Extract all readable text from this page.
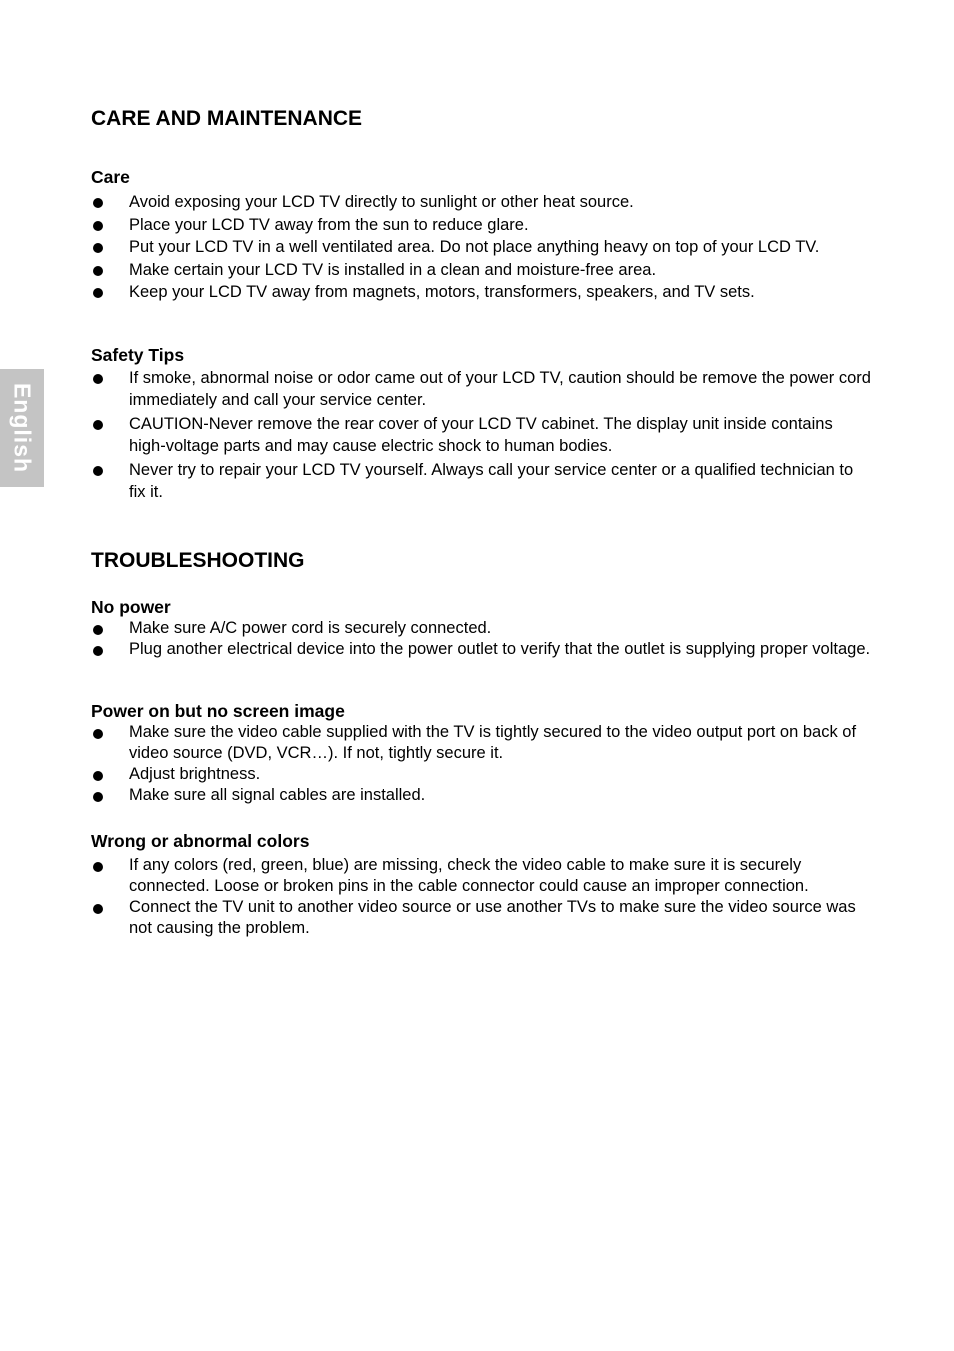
English
CARE AND MAINTENANCE
Care
Avoid exposing your LCD TV directly to sunlight or other heat source.
Place your LCD TV away from the sun to reduce glare.
Put your LCD TV in a well ventilated area. Do not place anything heavy on top of your LCD TV.
Make certain your LCD TV is installed in a clean and moisture-free area.
Keep your LCD TV away from magnets, motors, transformers, speakers, and TV sets.
Safety Tips
If smoke, abnormal noise or odor came out of your LCD TV, caution should be remove the power cord immediately and call your service center.
CAUTION-Never remove the rear cover of your LCD TV cabinet. The display unit inside contains high-voltage parts and may cause electric shock to human bodies.
Never try to repair your LCD TV yourself. Always call your service center or a qualified technician to fix it.
TROUBLESHOOTING
No power
Make sure A/C power cord is securely connected.
Plug another electrical device into the power outlet to verify that the outlet is supplying proper voltage.
Power on but no screen image
Make sure the video cable supplied with the TV is tightly secured to the video output port on back of video source (DVD, VCR…). If not, tightly secure it.
Adjust brightness.
Make sure all signal cables are installed.
Wrong or abnormal colors
If any colors (red, green, blue) are missing, check the video cable to make sure it is securely connected. Loose or broken pins in the cable connector could cause an improper connection.
Connect the TV unit to another video source or use another TVs to make sure the video source was not causing the problem.
